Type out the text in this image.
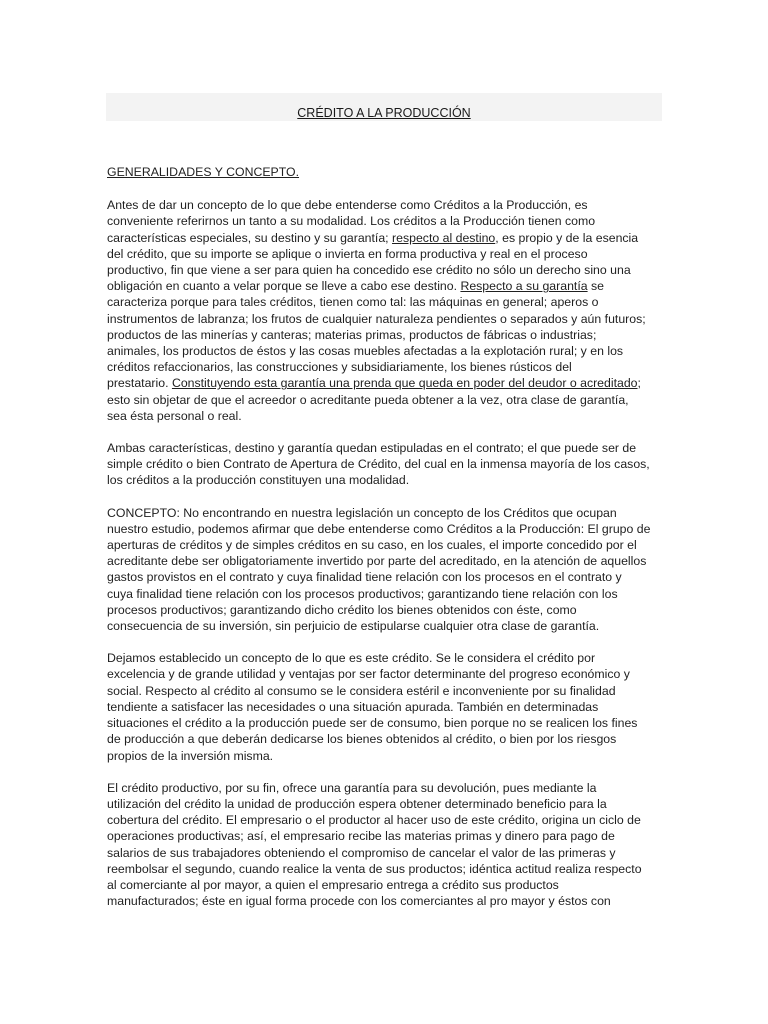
CRÉDITO A LA PRODUCCIÓN
GENERALIDADES Y CONCEPTO.
Antes de dar un concepto de lo que debe entenderse como Créditos a la Producción, es
conveniente referirnos un tanto a su modalidad. Los créditos a la Producción tienen como
características especiales, su destino y su garantía; respecto al destino, es propio y de la esencia
del crédito, que su importe se aplique o invierta en forma productiva y real en el proceso
productivo, fin que viene a ser para quien ha concedido ese crédito no sólo un derecho sino una
obligación en cuanto a velar porque se lleve a cabo ese destino. Respecto a su garantía se
caracteriza porque para tales créditos, tienen como tal: las máquinas en general; aperos o
instrumentos de labranza; los frutos de cualquier naturaleza pendientes o separados y aún futuros;
productos de las minerías y canteras; materias primas, productos de fábricas o industrias;
animales, los productos de éstos y las cosas muebles afectadas a la explotación rural; y en los
créditos refaccionarios, las construcciones y subsidiariamente, los bienes rústicos del
prestatario. Constituyendo esta garantía una prenda que queda en poder del deudor o acreditado;
esto sin objetar de que el acreedor o acreditante pueda obtener a la vez, otra clase de garantía,
sea ésta personal o real.
Ambas características, destino y garantía quedan estipuladas en el contrato; el que puede ser de
simple crédito o bien Contrato de Apertura de Crédito, del cual en la inmensa mayoría de los casos,
los créditos a la producción constituyen una modalidad.
CONCEPTO: No encontrando en nuestra legislación un concepto de los Créditos que ocupan
nuestro estudio, podemos afirmar que debe entenderse como Créditos a la Producción: El grupo de
aperturas de créditos y de simples créditos en su caso, en los cuales, el importe concedido por el
acreditante debe ser obligatoriamente invertido por parte del acreditado, en la atención de aquellos
gastos provistos en el contrato y cuya finalidad tiene relación con los procesos en el contrato y
cuya finalidad tiene relación con los procesos productivos; garantizando tiene relación con los
procesos productivos; garantizando dicho crédito los bienes obtenidos con éste, como
consecuencia de su inversión, sin perjuicio de estipularse cualquier otra clase de garantía.
Dejamos establecido un concepto de lo que es este crédito. Se le considera el crédito por
excelencia y de grande utilidad y ventajas por ser factor determinante del progreso económico y
social. Respecto al crédito al consumo se le considera estéril e inconveniente por su finalidad
tendiente a satisfacer las necesidades o una situación apurada. También en determinadas
situaciones el crédito a la producción puede ser de consumo, bien porque no se realicen los fines
de producción a que deberán dedicarse los bienes obtenidos al crédito, o bien por los riesgos
propios de la inversión misma.
El crédito productivo, por su fin, ofrece una garantía para su devolución, pues mediante la
utilización del crédito la unidad de producción espera obtener determinado beneficio para la
cobertura del crédito. El empresario o el productor al hacer uso de este crédito, origina un ciclo de
operaciones productivas; así, el empresario recibe las materias primas y dinero para pago de
salarios de sus trabajadores obteniendo el compromiso de cancelar el valor de las primeras y
reembolsar el segundo, cuando realice la venta de sus productos; idéntica actitud realiza respecto
al comerciante al por mayor, a quien el empresario entrega a crédito sus productos
manufacturados; éste en igual forma procede con los comerciantes al pro mayor y éstos con
